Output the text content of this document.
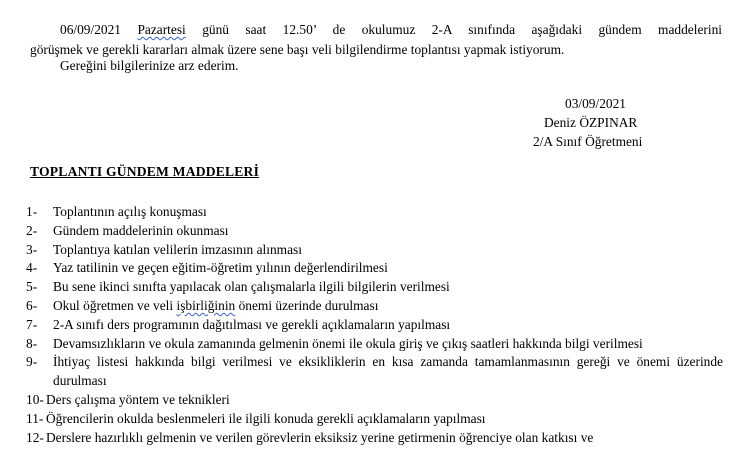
06/09/2021 Pazartesi günü saat 12.50’ de okulumuz 2-A sınıfında aşağıdaki gündem maddelerini
görüşmek ve gerekli kararları almak üzere sene başı veli bilgilendirme toplantısı yapmak istiyorum.
Gereğini bilgilerinize arz ederim.
03/09/2021
Deniz ÖZPINAR
2/A Sınıf Öğretmeni
TOPLANTI GÜNDEM MADDELERİ
1- Toplantının açılış konuşması
2- Gündem maddelerinin okunması
3- Toplantıya katılan velilerin imzasının alınması
4- Yaz tatilinin ve geçen eğitim-öğretim yılının değerlendirilmesi
5- Bu sene ikinci sınıfta yapılacak olan çalışmalarla ilgili bilgilerin verilmesi
6- Okul öğretmen ve veli işbirliğinin önemi üzerinde durulması
7- 2-A sınıfı ders programının dağıtılması ve gerekli açıklamaların yapılması
8- Devamsızlıkların ve okula zamanında gelmenin önemi ile okula giriş ve çıkış saatleri hakkında bilgi verilmesi
9- İhtiyaç listesi hakkında bilgi verilmesi ve eksikliklerin en kısa zamanda tamamlanmasının gereği ve önemi üzerinde durulması
10- Ders çalışma yöntem ve teknikleri
11- Öğrencilerin okulda beslenmeleri ile ilgili konuda gerekli açıklamaların yapılması
12- Derslere hazırlıklı gelmenin ve verilen görevlerin eksiksiz yerine getirmenin öğrenciye olan katkısı ve
